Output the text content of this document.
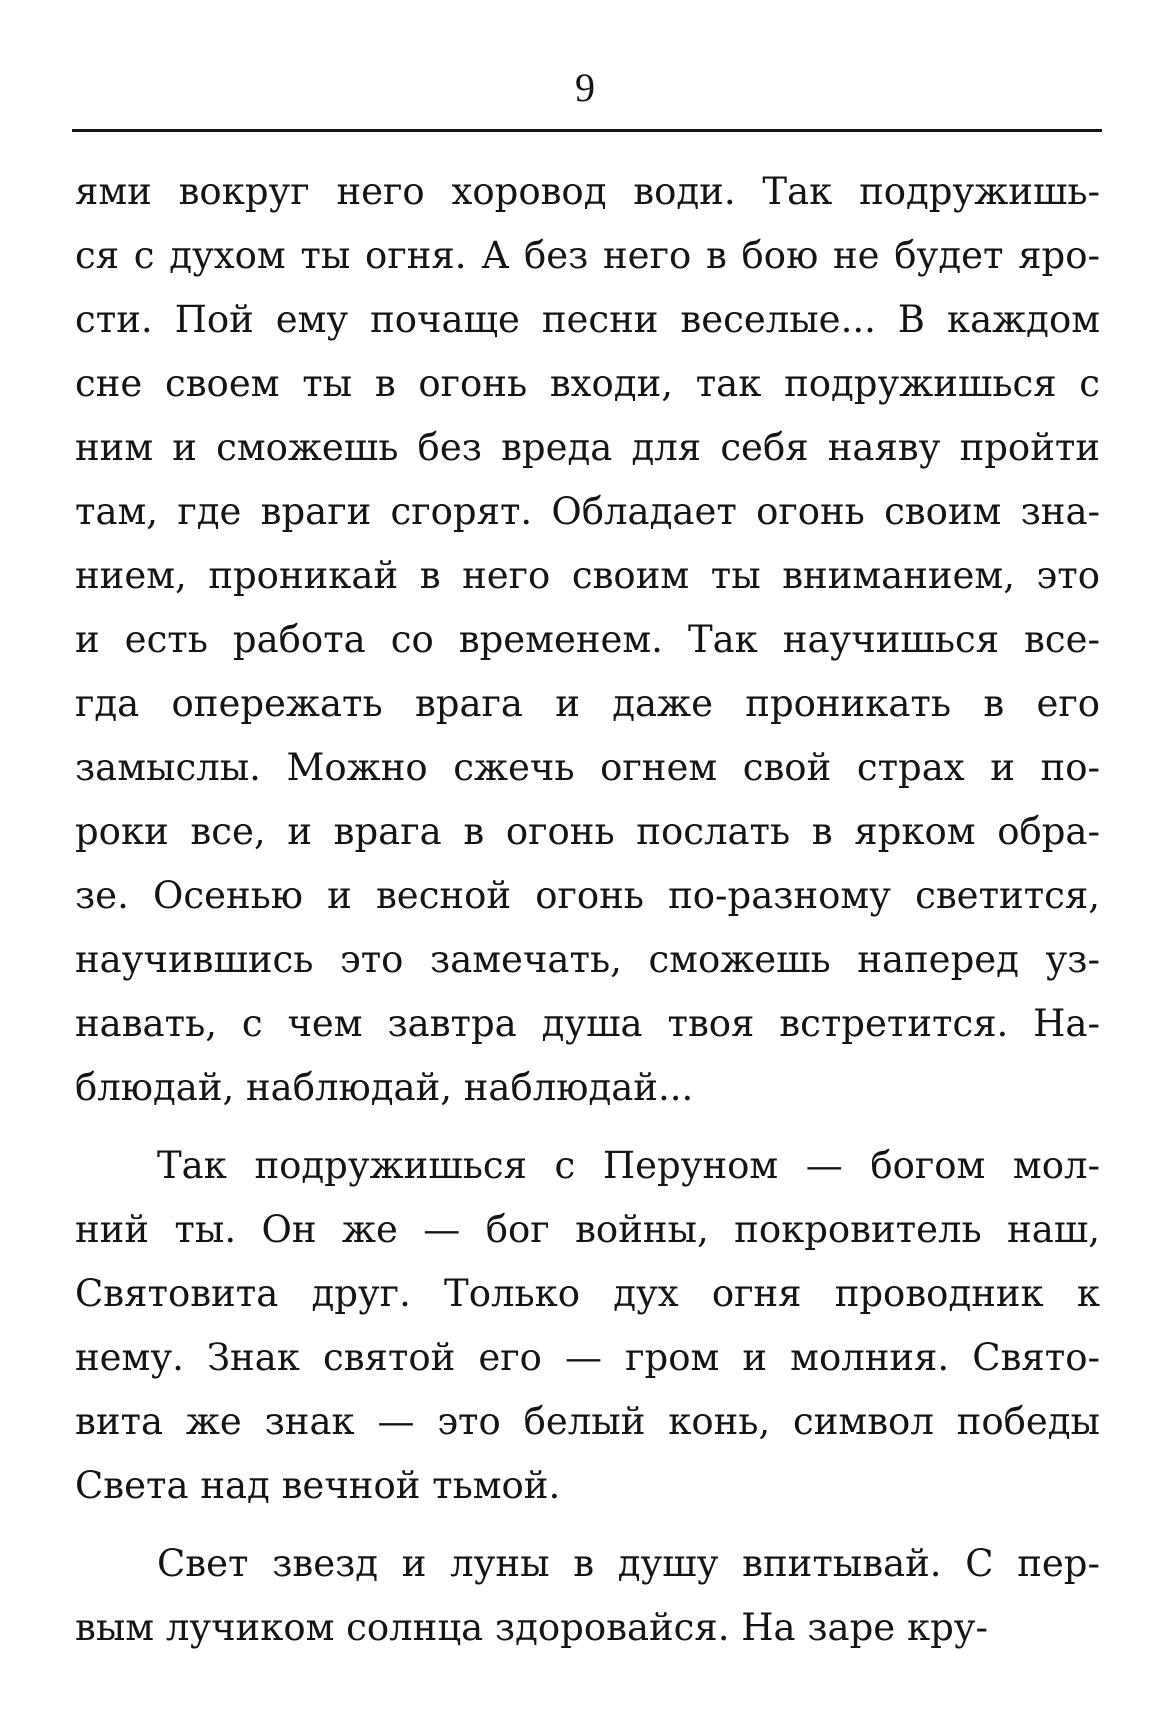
9
ями вокруг него хоровод води. Так подружишь-
ся с духом ты огня. А без него в бою не будет яро-
сти. Пой ему почаще песни веселые... В каждом
сне своем ты в огонь входи, так подружишься с
ним и сможешь без вреда для себя наяву пройти
там, где враги сгорят. Обладает огонь своим зна-
нием, проникай в него своим ты вниманием, это
и есть работа со временем. Так научишься все-
гда опережать врага и даже проникать в его
замыслы. Можно сжечь огнем свой страх и по-
роки все, и врага в огонь послать в ярком обра-
зе. Осенью и весной огонь по-разному светится,
научившись это замечать, сможешь наперед уз-
навать, с чем завтра душа твоя встретится. На-
блюдай, наблюдай, наблюдай...
Так подружишься с Перуном — богом мол-
ний ты. Он же — бог войны, покровитель наш,
Святовита друг. Только дух огня проводник к
нему. Знак святой его — гром и молния. Свято-
вита же знак — это белый конь, символ победы
Света над вечной тьмой.
Свет звезд и луны в душу впитывай. С пер-
вым лучиком солнца здоровайся. На заре кру-
